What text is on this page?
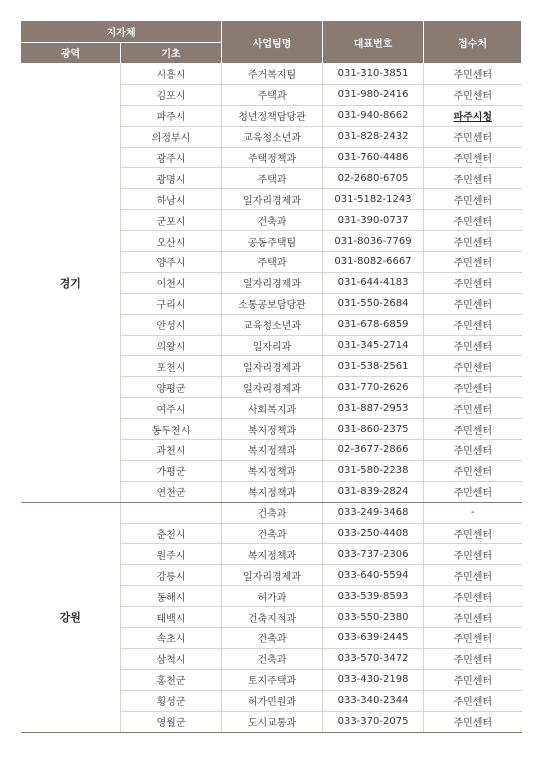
지자체		사업팀명	대표번호	접수처
광역	기초			
경기	시흥시	주거복지팀	031-310-3851	주민센터
	김포시	주택과	031-980-2416	주민센터
	파주시	청년정책담당관	031-940-8662	파주시청
	의정부시	교육청소년과	031-828-2432	주민센터
	광주시	주택정책과	031-760-4486	주민센터
	광명시	주택과	02-2680-6705	주민센터
	하남시	일자리경제과	031-5182-1243	주민센터
	군포시	건축과	031-390-0737	주민센터
	오산시	공동주택팀	031-8036-7769	주민센터
	양주시	주택과	031-8082-6667	주민센터
	이천시	일자리경제과	031-644-4183	주민센터
	구리시	소통공보담당관	031-550-2684	주민센터
	안성시	교육청소년과	031-678-6859	주민센터
	의왕시	일자리과	031-345-2714	주민센터
	포천시	일자리경제과	031-538-2561	주민센터
	양평군	일자리경제과	031-770-2626	주민센터
	여주시	사회복지과	031-887-2953	주민센터
	동두천시	복지정책과	031-860-2375	주민센터
	과천시	복지정책과	02-3677-2866	주민센터
	가평군	복지정책과	031-580-2238	주민센터
	연천군	복지정책과	031-839-2824	주민센터
강원		건축과	033-249-3468	-
	춘천시	건축과	033-250-4408	주민센터
	원주시	복지정책과	033-737-2306	주민센터
	강릉시	일자리경제과	033-640-5594	주민센터
	동해시	허가과	033-539-8593	주민센터
	태백시	건축지적과	033-550-2380	주민센터
	속초시	건축과	033-639-2445	주민센터
	삼척시	건축과	033-570-3472	주민센터
	홍천군	토지주택과	033-430-2198	주민센터
	횡성군	허가민원과	033-340-2344	주민센터
	영월군	도시교통과	033-370-2075	주민센터
